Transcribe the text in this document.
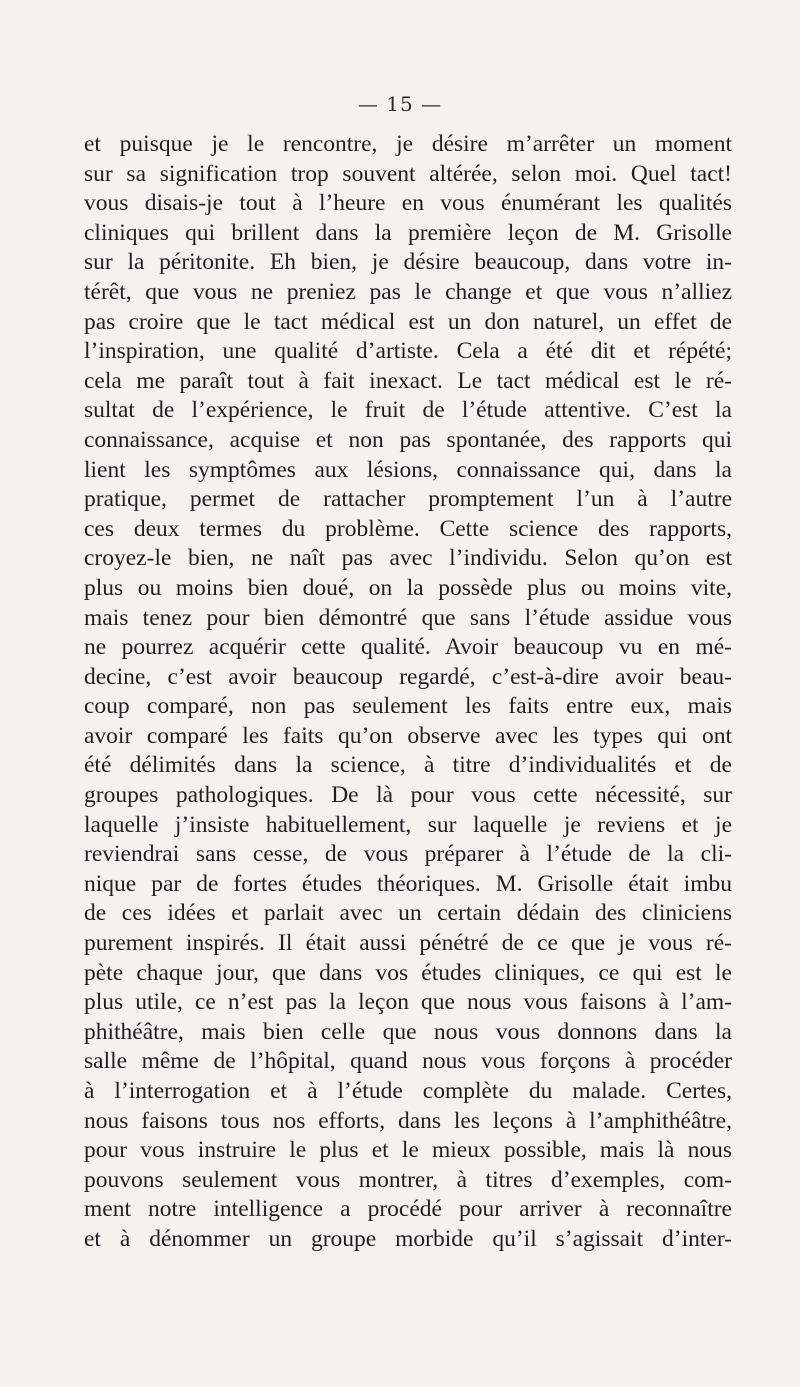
— 15 —
et puisque je le rencontre, je désire m’arrêter un moment
sur sa signification trop souvent altérée, selon moi. Quel tact!
vous disais-je tout à l’heure en vous énumérant les qualités
cliniques qui brillent dans la première leçon de M. Grisolle
sur la péritonite. Eh bien, je désire beaucoup, dans votre in-
térêt, que vous ne preniez pas le change et que vous n’alliez
pas croire que le tact médical est un don naturel, un effet de
l’inspiration, une qualité d’artiste. Cela a été dit et répété;
cela me paraît tout à fait inexact. Le tact médical est le ré-
sultat de l’expérience, le fruit de l’étude attentive. C’est la
connaissance, acquise et non pas spontanée, des rapports qui
lient les symptômes aux lésions, connaissance qui, dans la
pratique, permet de rattacher promptement l’un à l’autre
ces deux termes du problème. Cette science des rapports,
croyez-le bien, ne naît pas avec l’individu. Selon qu’on est
plus ou moins bien doué, on la possède plus ou moins vite,
mais tenez pour bien démontré que sans l’étude assidue vous
ne pourrez acquérir cette qualité. Avoir beaucoup vu en mé-
decine, c’est avoir beaucoup regardé, c’est-à-dire avoir beau-
coup comparé, non pas seulement les faits entre eux, mais
avoir comparé les faits qu’on observe avec les types qui ont
été délimités dans la science, à titre d’individualités et de
groupes pathologiques. De là pour vous cette nécessité, sur
laquelle j’insiste habituellement, sur laquelle je reviens et je
reviendrai sans cesse, de vous préparer à l’étude de la cli-
nique par de fortes études théoriques. M. Grisolle était imbu
de ces idées et parlait avec un certain dédain des cliniciens
purement inspirés. Il était aussi pénétré de ce que je vous ré-
pète chaque jour, que dans vos études cliniques, ce qui est le
plus utile, ce n’est pas la leçon que nous vous faisons à l’am-
phithéâtre, mais bien celle que nous vous donnons dans la
salle même de l’hôpital, quand nous vous forçons à procéder
à l’interrogation et à l’étude complète du malade. Certes,
nous faisons tous nos efforts, dans les leçons à l’amphithéâtre,
pour vous instruire le plus et le mieux possible, mais là nous
pouvons seulement vous montrer, à titres d’exemples, com-
ment notre intelligence a procédé pour arriver à reconnaître
et à dénommer un groupe morbide qu’il s’agissait d’inter-
